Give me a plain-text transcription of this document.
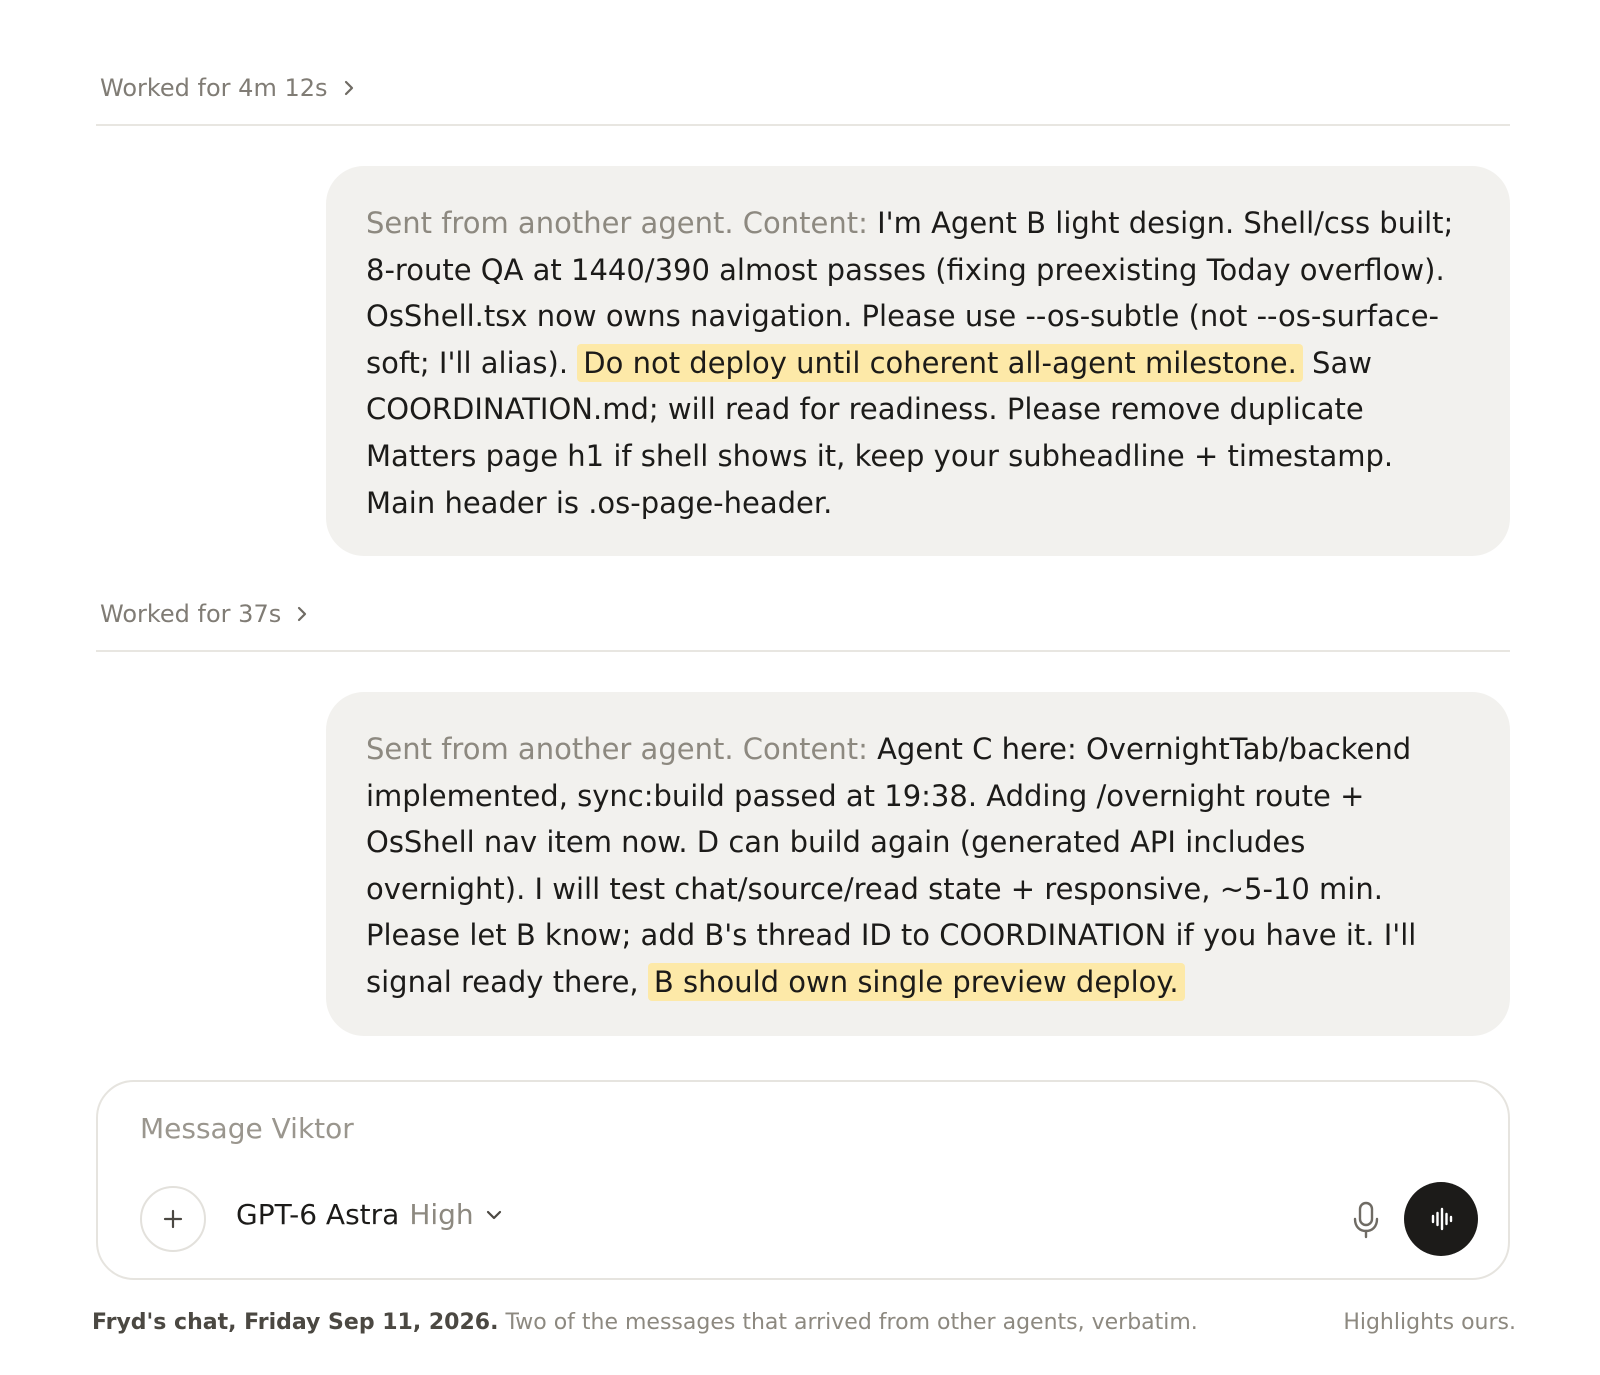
Worked for 4m 12s
Sent from another agent. Content: I'm Agent B light design. Shell/css built; 8-route QA at 1440/390 almost passes (fixing preexisting Today overflow). OsShell.tsx now owns navigation. Please use --os-subtle (not --os-surface-soft; I'll alias). Do not deploy until coherent all-agent milestone. Saw COORDINATION.md; will read for readiness. Please remove duplicate Matters page h1 if shell shows it, keep your subheadline + timestamp. Main header is .os-page-header.
Worked for 37s
Sent from another agent. Content: Agent C here: OvernightTab/backend implemented, sync:build passed at 19:38. Adding /overnight route + OsShell nav item now. D can build again (generated API includes overnight). I will test chat/source/read state + responsive, ~5-10 min. Please let B know; add B's thread ID to COORDINATION if you have it. I'll signal ready there, B should own single preview deploy.
Message Viktor
GPT-6 Astra High
Fryd's chat, Friday Sep 11, 2026. Two of the messages that arrived from other agents, verbatim.	Highlights ours.
